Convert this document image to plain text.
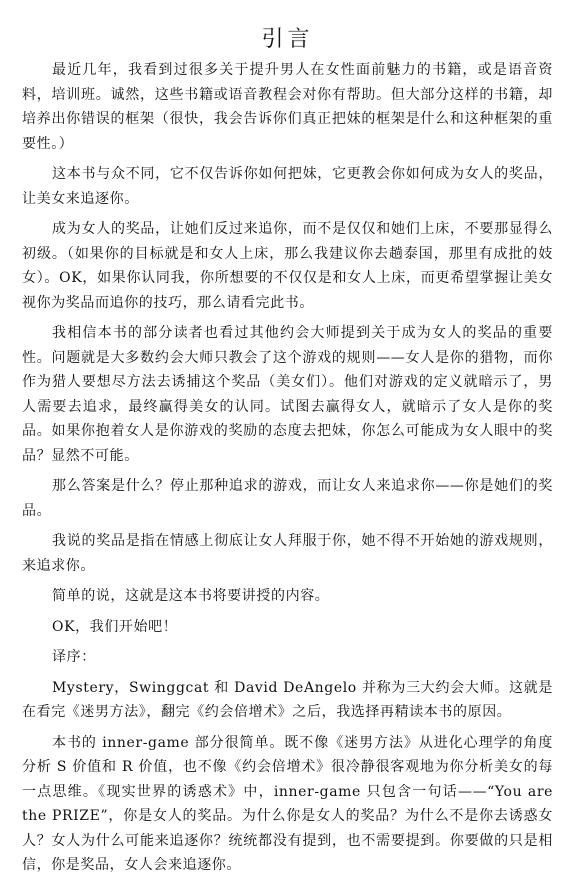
引言

最近几年，我看到过很多关于提升男人在女性面前魅力的书籍，或是语音资料，培训班。诚然，这些书籍或语音教程会对你有帮助。但大部分这样的书籍，却培养出你错误的框架（很快，我会告诉你们真正把妹的框架是什么和这种框架的重要性。）

这本书与众不同，它不仅告诉你如何把妹，它更教会你如何成为女人的奖品，让美女来追逐你。

成为女人的奖品，让她们反过来追你，而不是仅仅和她们上床，不要那显得么初级。（如果你的目标就是和女人上床，那么我建议你去趟泰国，那里有成批的妓女）。OK，如果你认同我，你所想要的不仅仅是和女人上床，而更希望掌握让美女视你为奖品而追你的技巧，那么请看完此书。

我相信本书的部分读者也看过其他约会大师提到关于成为女人的奖品的重要性。问题就是大多数约会大师只教会了这个游戏的规则——女人是你的猎物，而你作为猎人要想尽方法去诱捕这个奖品（美女们）。他们对游戏的定义就暗示了，男人需要去追求，最终赢得美女的认同。试图去赢得女人，就暗示了女人是你的奖品。如果你抱着女人是你游戏的奖励的态度去把妹，你怎么可能成为女人眼中的奖品？显然不可能。

那么答案是什么？停止那种追求的游戏，而让女人来追求你——你是她们的奖品。

我说的奖品是指在情感上彻底让女人拜服于你，她不得不开始她的游戏规则，来追求你。

简单的说，这就是这本书将要讲授的内容。

OK，我们开始吧！

译序：

Mystery，Swinggcat 和 David DeAngelo 并称为三大约会大师。这就是在看完《迷男方法》，翻完《约会倍增术》之后，我选择再精读本书的原因。

本书的 inner-game 部分很简单。既不像《迷男方法》从进化心理学的角度分析 S 价值和 R 价值，也不像《约会倍增术》很冷静很客观地为你分析美女的每一点思维。《现实世界的诱惑术》中，inner-game 只包含一句话——“You are the PRIZE”，你是女人的奖品。为什么你是女人的奖品？为什么不是你去诱惑女人？女人为什么可能来追逐你？统统都没有提到，也不需要提到。你要做的只是相信，你是奖品，女人会来追逐你。
